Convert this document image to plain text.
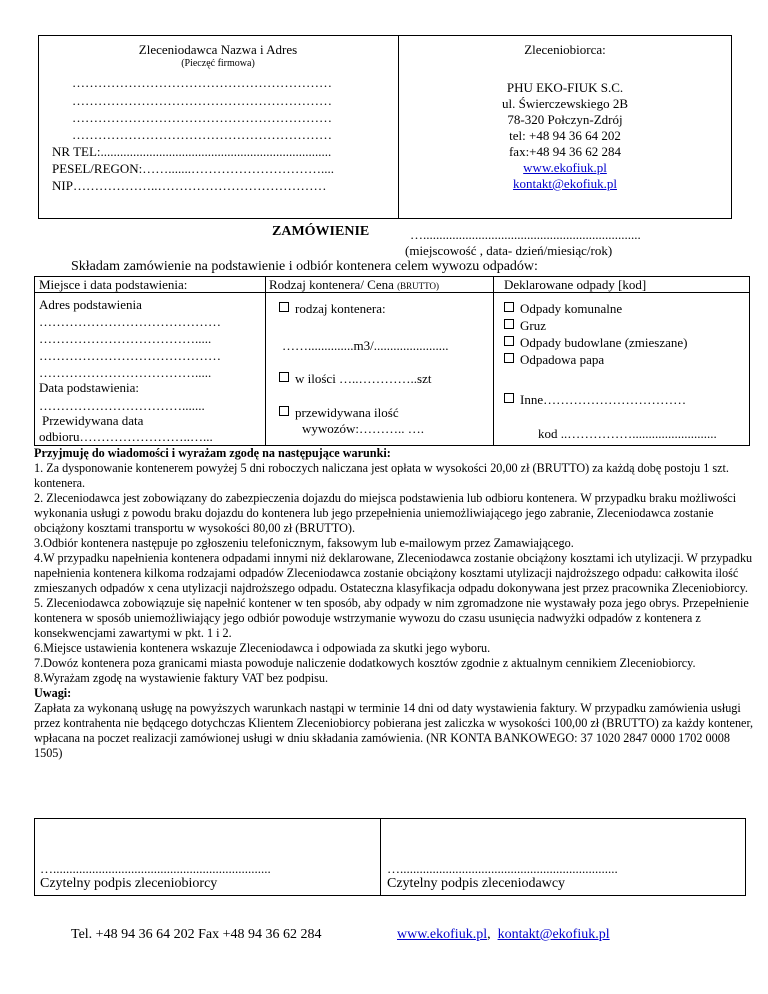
Zleceniodawca Nazwa i Adres
(Pieczęć firmowa)
……………………………………………………
……………………………………………………
……………………………………………………
……………………………………………………
NR TEL:.......................................................................
PESEL/REGON:…….......…………………………....
NIP………………..…………………………………
Zleceniobiorca:
PHU EKO-FIUK S.C.
ul. Świerczewskiego 2B
78-320 Połczyn-Zdrój
tel: +48 94 36 64 202
fax:+48 94 36 62 284
www.ekofiuk.pl
kontakt@ekofiuk.pl
ZAMÓWIENIE	…...................................................................
(miejscowość , data- dzień/miesiąc/rok)
Składam zamówienie na podstawienie i odbiór kontenera celem wywozu odpadów:
Miejsce i data podstawienia:	Rodzaj kontenera/ Cena (BRUTTO)	Deklarowane odpady [kod]
Adres podstawienia
……………………………………
……………………………….....
……………………………………
……………………………….....
Data podstawienia:
…………………………….......
Przewidywana data
odbioru……………………..…...
rodzaj kontenera:
……..............m3/.......................
w ilości …..…………..szt
przewidywana ilość
wywozów:……….. ….
Odpady komunalne
Gruz
Odpady budowlane (zmieszane)
Odpadowa papa
Inne……………………………
kod ..……………..........................

Przyjmuję do wiadomości i wyrażam zgodę na następujące warunki:

1. Za dysponowanie kontenerem powyżej 5 dni roboczych naliczana jest opłata w wysokości 20,00 zł (BRUTTO) za każdą dobę postoju 1 szt. kontenera.

2. Zleceniodawca jest zobowiązany do zabezpieczenia dojazdu do miejsca podstawienia lub odbioru kontenera. W przypadku braku możliwości wykonania usługi z powodu braku dojazdu do kontenera lub jego przepełnienia uniemożliwiającego jego zabranie, Zleceniodawca zostanie obciążony kosztami transportu w wysokości 80,00 zł (BRUTTO).

3.Odbiór kontenera następuje po zgłoszeniu telefonicznym, faksowym lub e-mailowym przez Zamawiającego.

4.W przypadku napełnienia kontenera odpadami innymi niż deklarowane, Zleceniodawca zostanie obciążony kosztami ich utylizacji. W przypadku napełnienia kontenera kilkoma rodzajami odpadów Zleceniodawca zostanie obciążony kosztami utylizacji najdroższego odpadu: całkowita ilość zmieszanych odpadów x cena utylizacji najdroższego odpadu. Ostateczna klasyfikacja odpadu dokonywana jest przez pracownika Zleceniobiorcy.

5. Zleceniodawca zobowiązuje się napełnić kontener w ten sposób, aby odpady w nim zgromadzone nie wystawały poza jego obrys. Przepełnienie kontenera w sposób uniemożliwiający jego odbiór powoduje wstrzymanie wywozu do czasu usunięcia nadwyżki odpadów z kontenera z konsekwencjami zawartymi w pkt. 1 i 2.

6.Miejsce ustawienia kontenera wskazuje Zleceniodawca i odpowiada za skutki jego wyboru.

7.Dowóz kontenera poza granicami miasta powoduje naliczenie dodatkowych kosztów zgodnie z aktualnym cennikiem Zleceniobiorcy.

8.Wyrażam zgodę na wystawienie faktury VAT bez podpisu.

Uwagi:

Zapłata za wykonaną usługę na powyższych warunkach nastąpi w terminie 14 dni od daty wystawienia faktury. W przypadku zamówienia usługi przez kontrahenta nie będącego dotychczas Klientem Zleceniobiorcy pobierana jest zaliczka w wysokości 100,00 zł (BRUTTO) za każdy kontener, wpłacana na poczet realizacji zamówionej usługi w dniu składania zamówienia. (NR KONTA BANKOWEGO: 37 1020 2847 0000 1702 0008 1505)

…...................................................................
Czytelny podpis zleceniobiorcy
…...................................................................
Czytelny podpis zleceniodawcy
Tel. +48 94 36 64 202 Fax +48 94 36 62 284	www.ekofiuk.pl, kontakt@ekofiuk.pl
